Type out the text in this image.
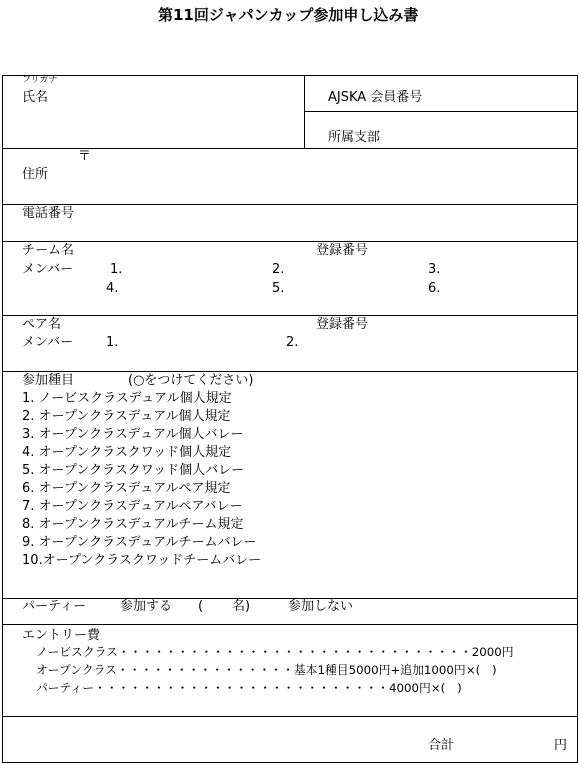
第11回ジャパンカップ参加申し込み書
フリガナ
氏名	AJSKA 会員番号
所属支部
〒
住所
電話番号
チーム名	登録番号
メンバー	1.	2.	3.
4.	5.	6.
ペア名	登録番号
メンバー	1.	2.
参加種目	(○をつけてください)
1. ノービスクラスデュアル個人規定
2. オープンクラスデュアル個人規定
3. オープンクラスデュアル個人バレー
4. オープンクラスクワッド個人規定
5. オープンクラスクワッド個人バレー
6. オープンクラスデュアルペア規定
7. オープンクラスデュアルペアバレー
8. オープンクラスデュアルチーム規定
9. オープンクラスデュアルチームバレー
10.オープンクラスクワッドチームバレー
パーティー	参加する ( 名)	参加しない
エントリー費
ノービスクラス・・・・・・・・・・・・・・・・・・・・・・・・・・・・・・2000円
オープンクラス・・・・・・・・・・・・・・・基本1種目5000円+追加1000円×(　)
パーティー・・・・・・・・・・・・・・・・・・・・・・・・・4000円×(　)
合計	円
